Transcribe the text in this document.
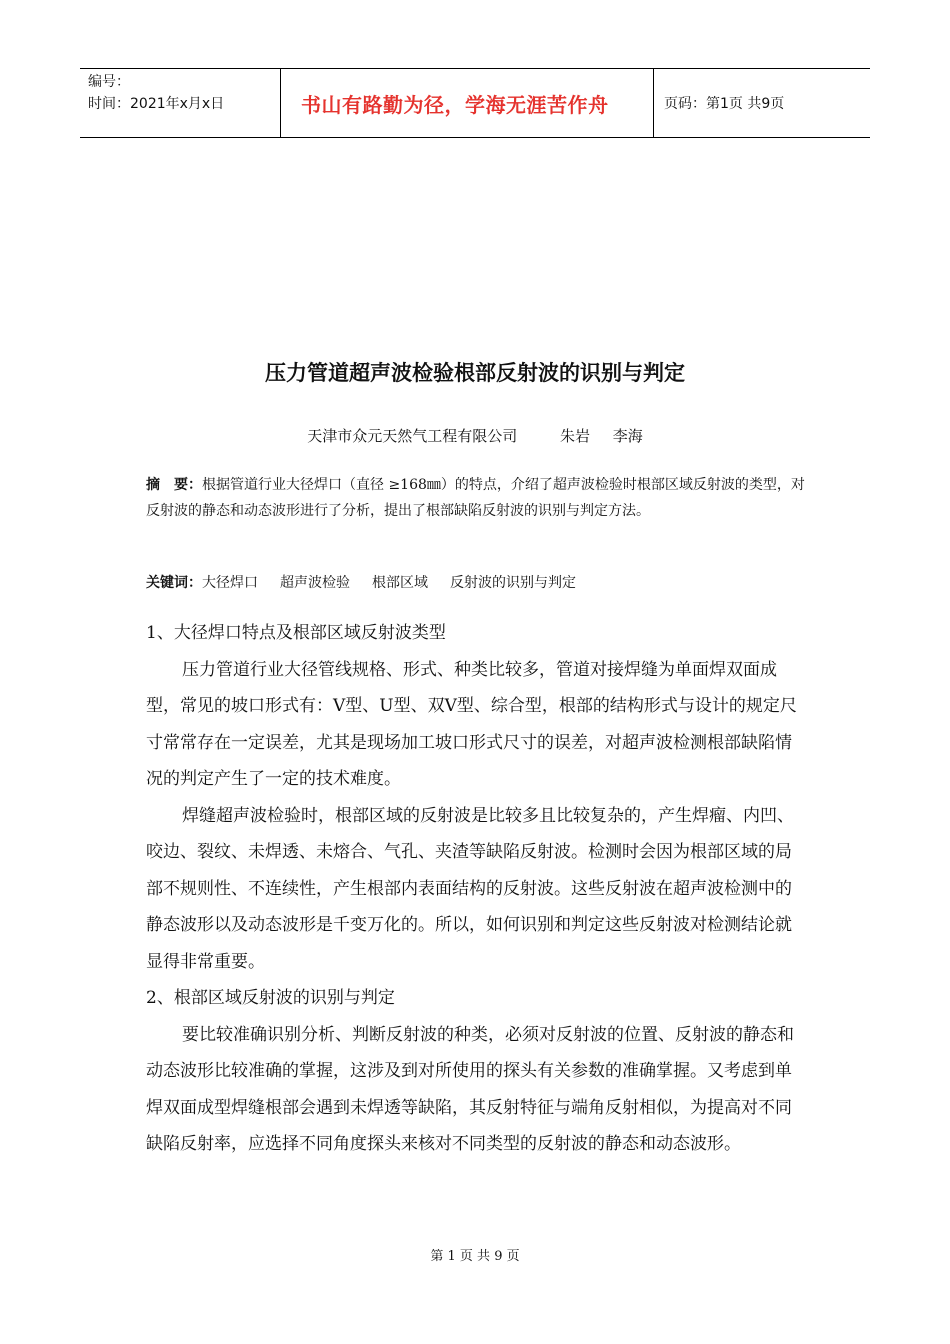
编号：
时间：2021年x月x日	书山有路勤为径，学海无涯苦作舟	页码：第1页 共9页
压力管道超声波检验根部反射波的识别与判定
天津市众元天然气工程有限公司	朱岩 李海
摘　要：根据管道行业大径焊口（直径 ≥168㎜）的特点，介绍了超声波检验时根部区域反射波的类型，对反射波的静态和动态波形进行了分析，提出了根部缺陷反射波的识别与判定方法。
关键词：大径焊口 超声波检验 根部区域 反射波的识别与判定

1、大径焊口特点及根部区域反射波类型

压力管道行业大径管线规格、形式、种类比较多，管道对接焊缝为单面焊双面成型，常见的坡口形式有：V型、U型、双V型、综合型，根部的结构形式与设计的规定尺寸常常存在一定误差，尤其是现场加工坡口形式尺寸的误差，对超声波检测根部缺陷情况的判定产生了一定的技术难度。

焊缝超声波检验时，根部区域的反射波是比较多且比较复杂的，产生焊瘤、内凹、咬边、裂纹、未焊透、未熔合、气孔、夹渣等缺陷反射波。检测时会因为根部区域的局部不规则性、不连续性，产生根部内表面结构的反射波。这些反射波在超声波检测中的静态波形以及动态波形是千变万化的。所以，如何识别和判定这些反射波对检测结论就显得非常重要。

2、根部区域反射波的识别与判定

要比较准确识别分析、判断反射波的种类，必须对反射波的位置、反射波的静态和动态波形比较准确的掌握，这涉及到对所使用的探头有关参数的准确掌握。又考虑到单焊双面成型焊缝根部会遇到未焊透等缺陷，其反射特征与端角反射相似，为提高对不同缺陷反射率，应选择不同角度探头来核对不同类型的反射波的静态和动态波形。

第 1 页 共 9 页
